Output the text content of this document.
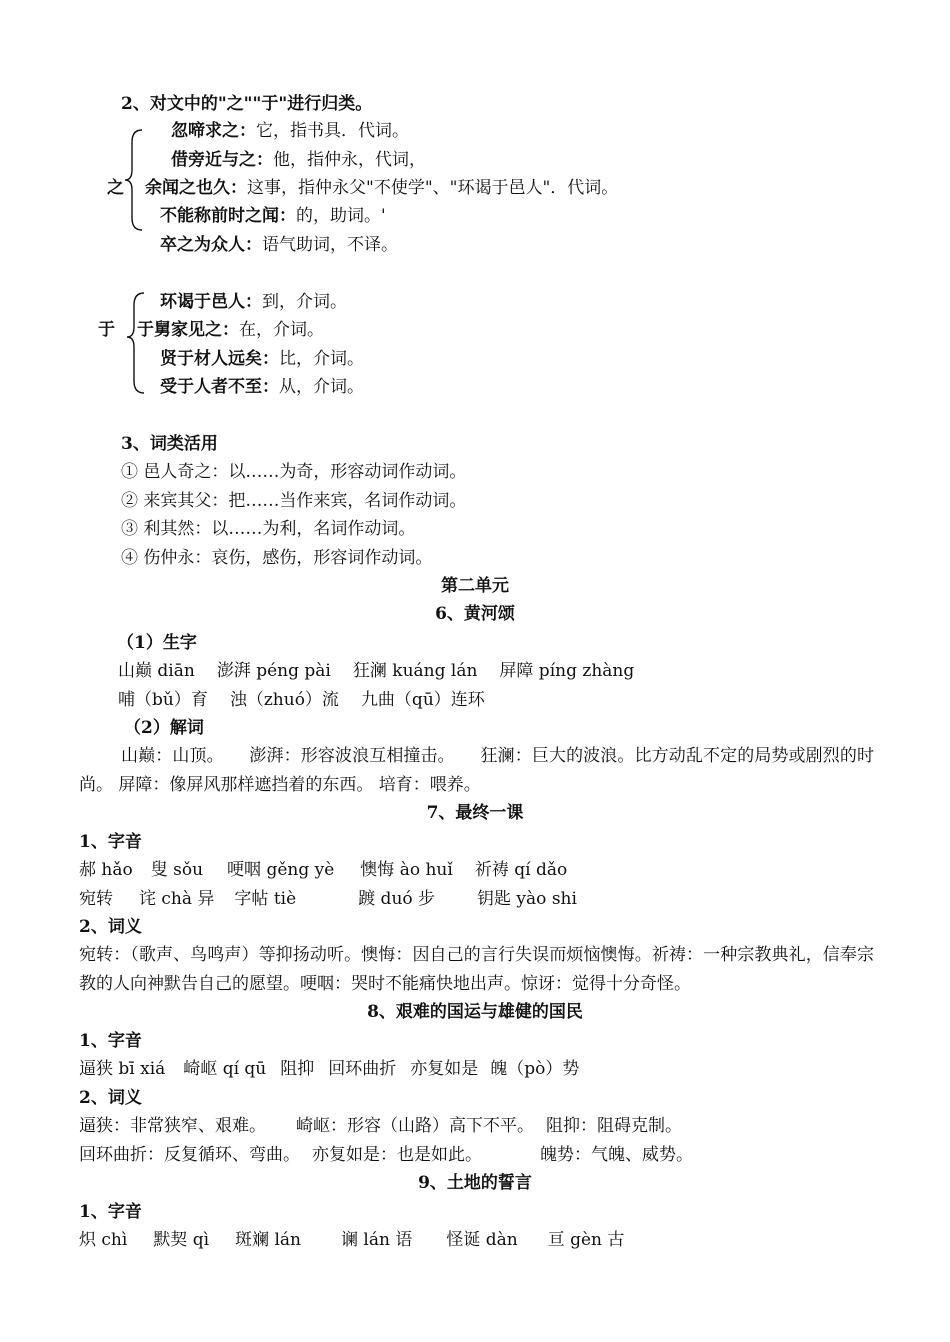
2、对文中的"之""于"进行归类。
之
忽啼求之：它，指书具．代词。
借旁近与之：他，指仲永，代词，
余闻之也久：这事，指仲永父"不使学"、"环谒于邑人"．代词。
不能称前时之闻：的，助词。'
卒之为众人：语气助词，不译。
于
环谒于邑人：到，介词。
于舅家见之：在，介词。
贤于材人远矣：比，介词。
受于人者不至：从，介词。
3、词类活用
① 邑人奇之：以……为奇，形容动词作动词。
② 来宾其父：把……当作来宾，名词作动词。
③ 利其然：以……为利，名词作动词。
④ 伤仲永：哀伤，感伤，形容词作动词。
第二单元
6、黄河颂
（1）生字
山巅 diān 澎湃 péng pài 狂澜 kuáng lán 屏障 píng zhàng
哺（bǔ）育 浊（zhuó）流 九曲（qū）连环
（2）解词
山巅：山顶。　　澎湃：形容波浪互相撞击。　　狂澜：巨大的波浪。比方动乱不定的局势或剧烈的时尚。 屏障：像屏风那样遮挡着的东西。 培育：喂养。
7、最终一课
1、字音
郝 hǎo 叟 sǒu 哽咽 gěng yè 懊悔 ào huǐ 祈祷 qí dǎo
宛转 诧 chà 异 字帖 tiè	踱 duó 步 钥匙 yào shi
2、词义
宛转：（歌声、鸟鸣声）等抑扬动听。懊悔：因自己的言行失误而烦恼懊悔。祈祷：一种宗教典礼，信奉宗教的人向神默告自己的愿望。哽咽：哭时不能痛快地出声。惊讶：觉得十分奇怪。
8、艰难的国运与雄健的国民
1、字音
逼狭 bī xiá 崎岖 qí qū 阻抑 回环曲折 亦复如是 魄（pò）势
2、词义
逼狭：非常狭窄、艰难。 崎岖：形容（山路）高下不平。 阻抑：阻碍克制。
回环曲折：反复循环、弯曲。 亦复如是：也是如此。	魄势：气魄、威势。
9、土地的誓言
1、字音
炽 chì 默契 qì 斑斓 lán 谰 lán 语 怪诞 dàn 亘 gèn 古
